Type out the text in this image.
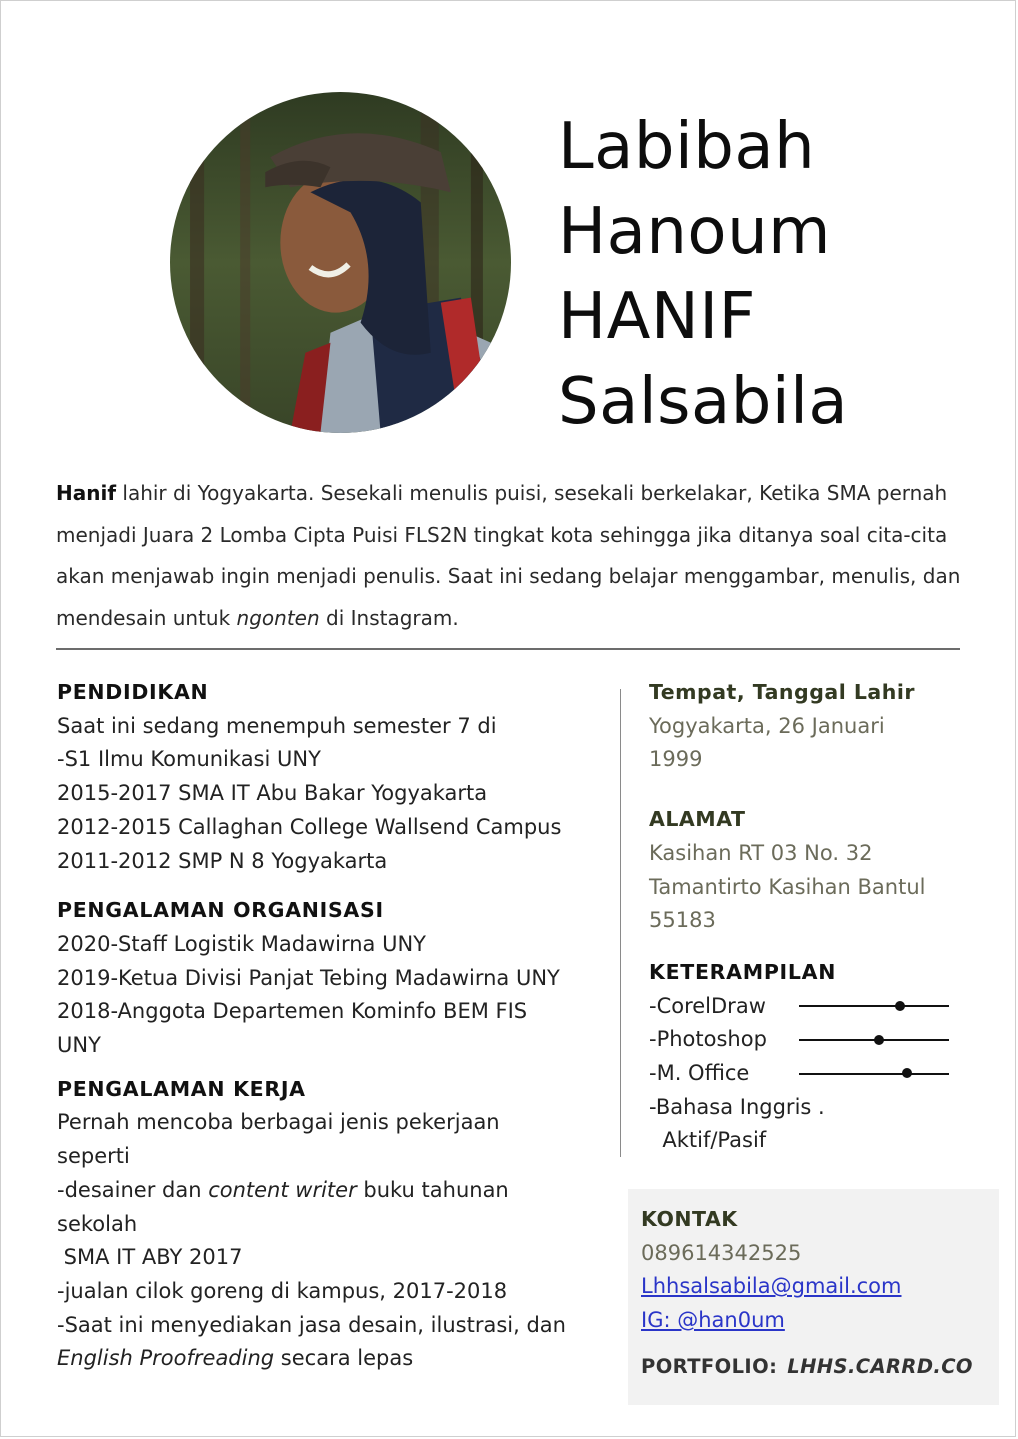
Labibah
Hanoum
HANIF
Salsabila
Hanif lahir di Yogyakarta. Sesekali menulis puisi, sesekali berkelakar, Ketika SMA pernah menjadi Juara 2 Lomba Cipta Puisi FLS2N tingkat kota sehingga jika ditanya soal cita-cita akan menjawab ingin menjadi penulis. Saat ini sedang belajar menggambar, menulis, dan mendesain untuk ngonten di Instagram.
PENDIDIKAN
Saat ini sedang menempuh semester 7 di
-S1 Ilmu Komunikasi UNY
2015-2017 SMA IT Abu Bakar Yogyakarta
2012-2015 Callaghan College Wallsend Campus
2011-2012 SMP N 8 Yogyakarta
PENGALAMAN ORGANISASI
2020-Staff Logistik Madawirna UNY
2019-Ketua Divisi Panjat Tebing Madawirna UNY
2018-Anggota Departemen Kominfo BEM FIS
UNY
PENGALAMAN KERJA
Pernah mencoba berbagai jenis pekerjaan
seperti
-desainer dan content writer buku tahunan
sekolah
SMA IT ABY 2017
-jualan cilok goreng di kampus, 2017-2018
-Saat ini menyediakan jasa desain, ilustrasi, dan
English Proofreading secara lepas
Tempat, Tanggal Lahir
Yogyakarta, 26 Januari
1999
ALAMAT
Kasihan RT 03 No. 32
Tamantirto Kasihan Bantul
55183
KETERAMPILAN
-CorelDraw
-Photoshop
-M. Office
-Bahasa Inggris .
Aktif/Pasif
KONTAK
089614342525
Lhhsalsabila@gmail.com
IG: @han0um
PORTFOLIO: LHHS.CARRD.CO
